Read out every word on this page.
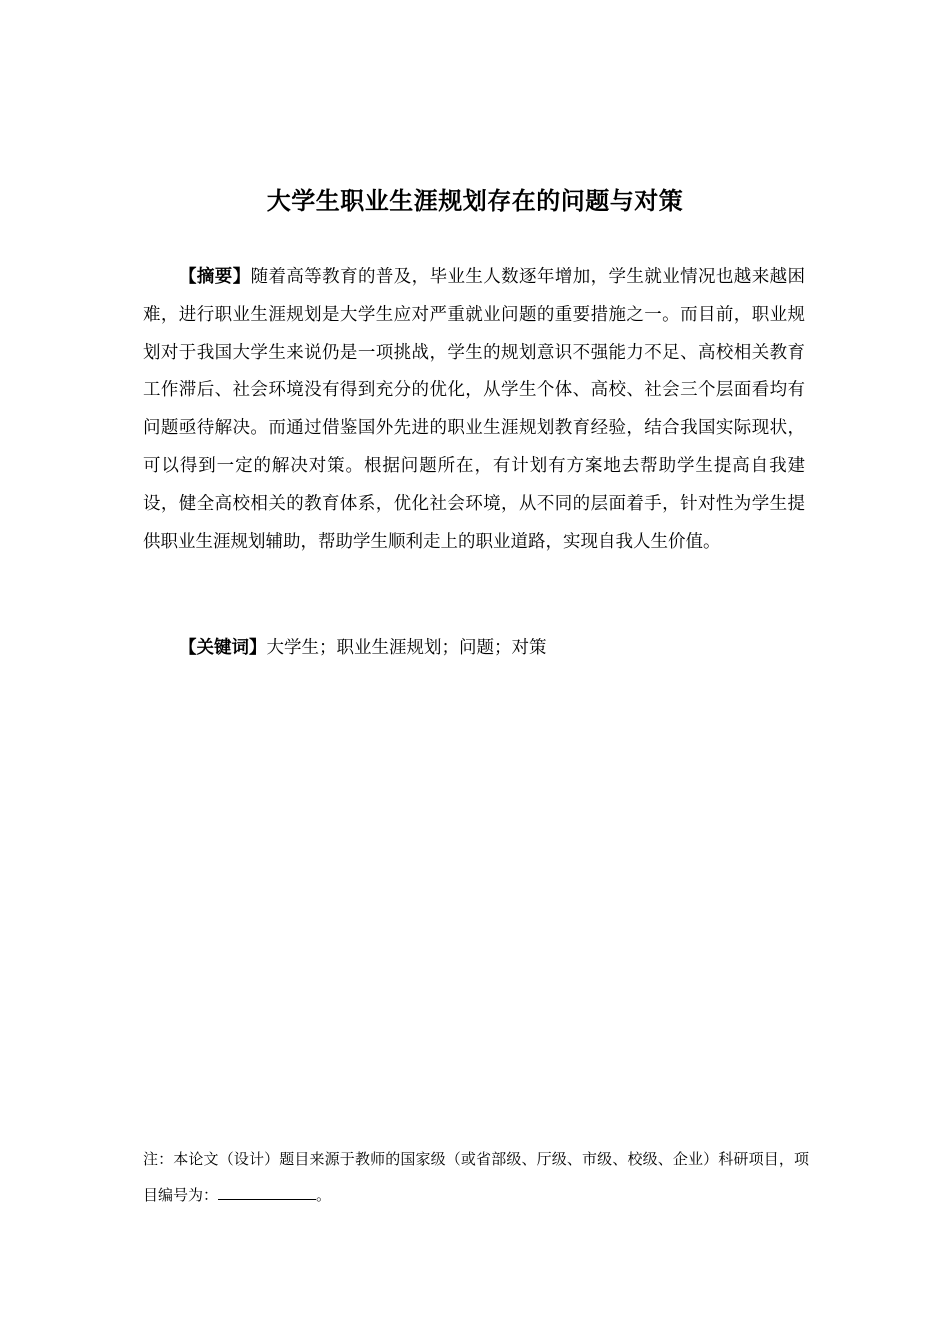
大学生职业生涯规划存在的问题与对策

【摘要】随着高等教育的普及，毕业生人数逐年增加，学生就业情况也越来越困难，进行职业生涯规划是大学生应对严重就业问题的重要措施之一。而目前，职业规划对于我国大学生来说仍是一项挑战，学生的规划意识不强能力不足、高校相关教育工作滞后、社会环境没有得到充分的优化，从学生个体、高校、社会三个层面看均有问题亟待解决。而通过借鉴国外先进的职业生涯规划教育经验，结合我国实际现状，可以得到一定的解决对策。根据问题所在，有计划有方案地去帮助学生提高自我建设，健全高校相关的教育体系，优化社会环境，从不同的层面着手，针对性为学生提供职业生涯规划辅助，帮助学生顺利走上的职业道路，实现自我人生价值。

【关键词】大学生；职业生涯规划；问题；对策

注：本论文（设计）题目来源于教师的国家级（或省部级、厅级、市级、校级、企业）科研项目，项目编号为：	。
